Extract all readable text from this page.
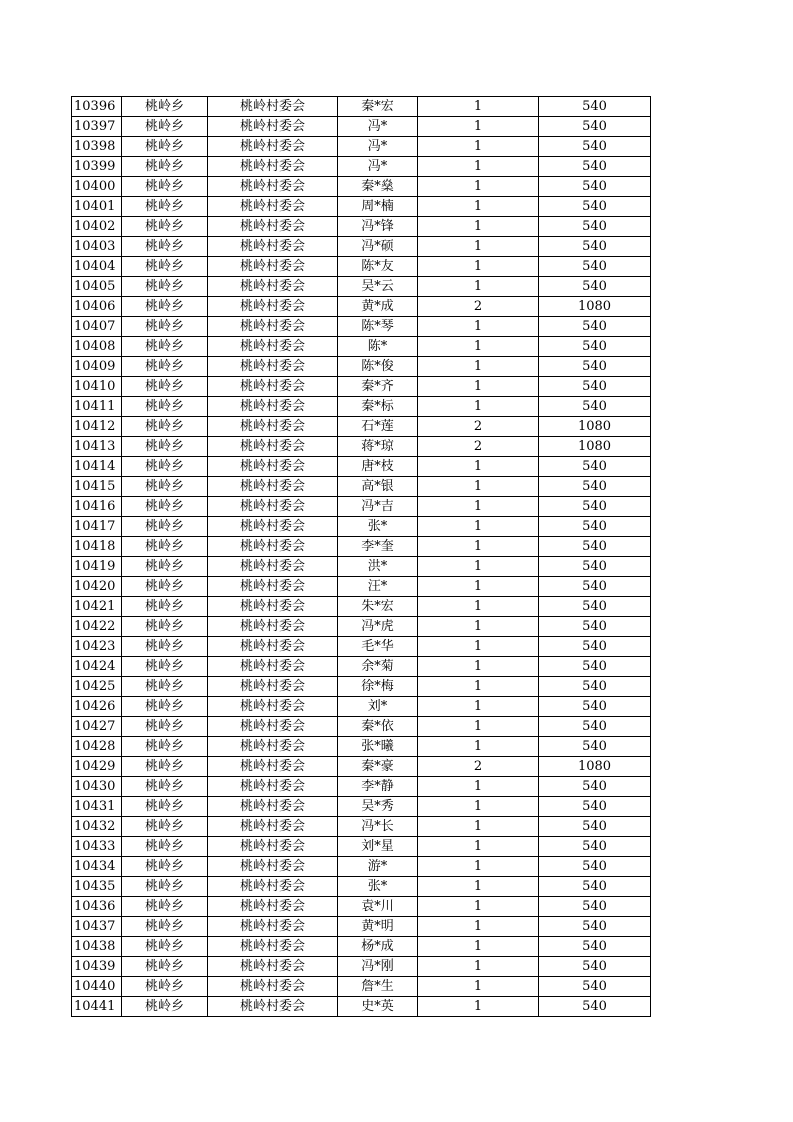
10396	桃岭乡	桃岭村委会	秦*宏	1	540
10397	桃岭乡	桃岭村委会	冯*	1	540
10398	桃岭乡	桃岭村委会	冯*	1	540
10399	桃岭乡	桃岭村委会	冯*	1	540
10400	桃岭乡	桃岭村委会	秦*燊	1	540
10401	桃岭乡	桃岭村委会	周*楠	1	540
10402	桃岭乡	桃岭村委会	冯*锋	1	540
10403	桃岭乡	桃岭村委会	冯*硕	1	540
10404	桃岭乡	桃岭村委会	陈*友	1	540
10405	桃岭乡	桃岭村委会	吴*云	1	540
10406	桃岭乡	桃岭村委会	黄*成	2	1080
10407	桃岭乡	桃岭村委会	陈*琴	1	540
10408	桃岭乡	桃岭村委会	陈*	1	540
10409	桃岭乡	桃岭村委会	陈*俊	1	540
10410	桃岭乡	桃岭村委会	秦*齐	1	540
10411	桃岭乡	桃岭村委会	秦*标	1	540
10412	桃岭乡	桃岭村委会	石*莲	2	1080
10413	桃岭乡	桃岭村委会	蒋*琼	2	1080
10414	桃岭乡	桃岭村委会	唐*枝	1	540
10415	桃岭乡	桃岭村委会	高*银	1	540
10416	桃岭乡	桃岭村委会	冯*吉	1	540
10417	桃岭乡	桃岭村委会	张*	1	540
10418	桃岭乡	桃岭村委会	李*奎	1	540
10419	桃岭乡	桃岭村委会	洪*	1	540
10420	桃岭乡	桃岭村委会	汪*	1	540
10421	桃岭乡	桃岭村委会	朱*宏	1	540
10422	桃岭乡	桃岭村委会	冯*虎	1	540
10423	桃岭乡	桃岭村委会	毛*华	1	540
10424	桃岭乡	桃岭村委会	余*菊	1	540
10425	桃岭乡	桃岭村委会	徐*梅	1	540
10426	桃岭乡	桃岭村委会	刘*	1	540
10427	桃岭乡	桃岭村委会	秦*依	1	540
10428	桃岭乡	桃岭村委会	张*曦	1	540
10429	桃岭乡	桃岭村委会	秦*豪	2	1080
10430	桃岭乡	桃岭村委会	李*静	1	540
10431	桃岭乡	桃岭村委会	吴*秀	1	540
10432	桃岭乡	桃岭村委会	冯*长	1	540
10433	桃岭乡	桃岭村委会	刘*星	1	540
10434	桃岭乡	桃岭村委会	游*	1	540
10435	桃岭乡	桃岭村委会	张*	1	540
10436	桃岭乡	桃岭村委会	袁*川	1	540
10437	桃岭乡	桃岭村委会	黄*明	1	540
10438	桃岭乡	桃岭村委会	杨*成	1	540
10439	桃岭乡	桃岭村委会	冯*刚	1	540
10440	桃岭乡	桃岭村委会	詹*生	1	540
10441	桃岭乡	桃岭村委会	史*英	1	540
